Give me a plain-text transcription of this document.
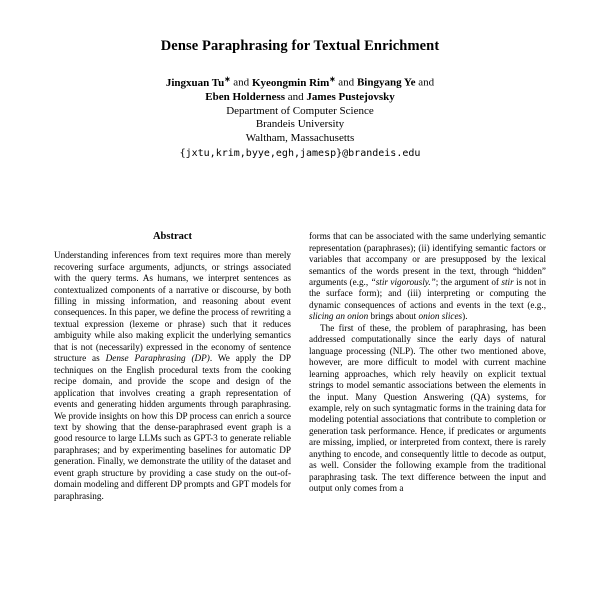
Dense Paraphrasing for Textual Enrichment
Jingxuan Tu∗ and Kyeongmin Rim∗ and Bingyang Ye and
Eben Holderness and James Pustejovsky
Department of Computer Science
Brandeis University
Waltham, Massachusetts
{jxtu,krim,byye,egh,jamesp}@brandeis.edu
Abstract

Understanding inferences from text requires more than merely recovering surface arguments, adjuncts, or strings associated with the query terms. As humans, we interpret sentences as contextualized components of a narrative or discourse, by both filling in missing information, and reasoning about event consequences. In this paper, we define the process of rewriting a textual expression (lexeme or phrase) such that it reduces ambiguity while also making explicit the underlying semantics that is not (necessarily) expressed in the economy of sentence structure as Dense Paraphrasing (DP). We apply the DP techniques on the English procedural texts from the cooking recipe domain, and provide the scope and design of the application that involves creating a graph representation of events and generating hidden arguments through paraphrasing. We provide insights on how this DP process can enrich a source text by showing that the dense-paraphrased event graph is a good resource to large LLMs such as GPT-3 to generate reliable paraphrases; and by experimenting baselines for automatic DP generation. Finally, we demonstrate the utility of the dataset and event graph structure by providing a case study on the out-of-domain modeling and different DP prompts and GPT models for paraphrasing.

forms that can be associated with the same underlying semantic representation (paraphrases); (ii) identifying semantic factors or variables that accompany or are presupposed by the lexical semantics of the words present in the text, through “hidden” arguments (e.g., “stir vigorously.”; the argument of stir is not in the surface form); and (iii) interpreting or computing the dynamic consequences of actions and events in the text (e.g., slicing an onion brings about onion slices).

The first of these, the problem of paraphrasing, has been addressed computationally since the early days of natural language processing (NLP). The other two mentioned above, however, are more difficult to model with current machine learning approaches, which rely heavily on explicit textual strings to model semantic associations between the elements in the input. Many Question Answering (QA) systems, for example, rely on such syntagmatic forms in the training data for modeling potential associations that contribute to completion or generation task performance. Hence, if predicates or arguments are missing, implied, or interpreted from context, there is rarely anything to encode, and consequently little to decode as output, as well. Consider the following example from the traditional paraphrasing task. The text difference between the input and output only comes from a
